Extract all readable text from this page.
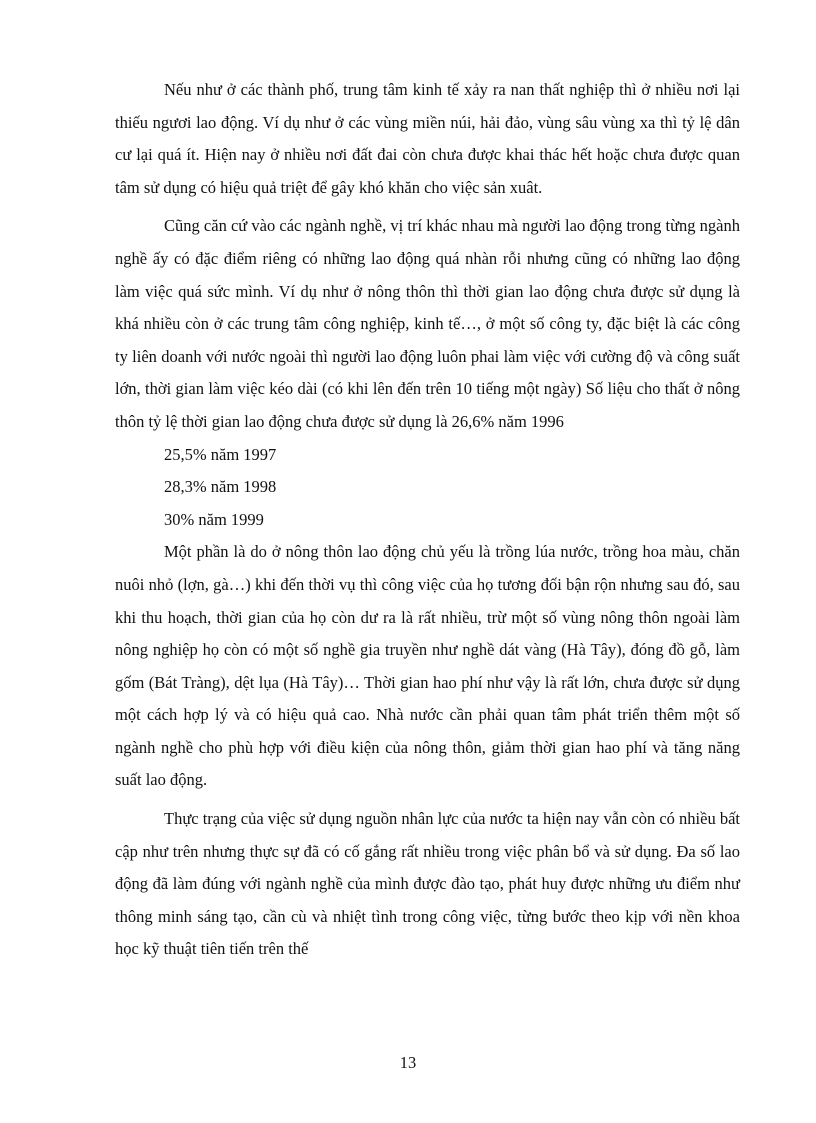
Nếu như ở các thành phố, trung tâm kinh tế xảy ra nan thất nghiệp thì ở nhiều nơi lại thiếu ngươi lao động. Ví dụ như ở các vùng miền núi, hải đảo, vùng sâu vùng xa thì tỷ lệ dân cư lại quá ít. Hiện nay ở nhiều nơi đất đai còn chưa được khai thác hết hoặc chưa được quan tâm sử dụng có hiệu quả triệt để gây khó khăn cho việc sản xuât.

Cũng căn cứ vào các ngành nghề, vị trí khác nhau mà người lao động trong từng ngành nghề ấy có đặc điểm riêng có những lao động quá nhàn rỗi nhưng cũng có những lao động làm việc quá sức mình. Ví dụ như ở nông thôn thì thời gian lao động chưa được sử dụng là khá nhiều còn ở các trung tâm công nghiệp, kinh tế…, ở một số công ty, đặc biệt là các công ty liên doanh với nước ngoài thì người lao động luôn phai làm việc với cường độ và công suất lớn, thời gian làm việc kéo dài (có khi lên đến trên 10 tiếng một ngày) Số liệu cho thất ở nông thôn tỷ lệ thời gian lao động chưa được sử dụng là 26,6% năm 1996

25,5% năm 1997

28,3% năm 1998

30% năm 1999

Một phần là do ở nông thôn lao động chủ yếu là trồng lúa nước, trồng hoa màu, chăn nuôi nhỏ (lợn, gà…) khi đến thời vụ thì công việc của họ tương đối bận rộn nhưng sau đó, sau khi thu hoạch, thời gian của họ còn dư ra là rất nhiều, trừ một số vùng nông thôn ngoài làm nông nghiệp họ còn có một số nghề gia truyền như nghề dát vàng (Hà Tây), đóng đồ gỗ, làm gốm (Bát Tràng), dệt lụa (Hà Tây)… Thời gian hao phí như vậy là rất lớn, chưa được sử dụng một cách hợp lý và có hiệu quả cao. Nhà nước cần phải quan tâm phát triển thêm một số ngành nghề cho phù hợp với điều kiện của nông thôn, giảm thời gian hao phí và tăng năng suất lao động.

Thực trạng của việc sử dụng nguồn nhân lực của nước ta hiện nay vẫn còn có nhiều bất cập như trên nhưng thực sự đã có cố gắng rất nhiều trong việc phân bổ và sử dụng. Đa số lao động đã làm đúng với ngành nghề của mình được đào tạo, phát huy được những ưu điểm như thông minh sáng tạo, cần cù và nhiệt tình trong công việc, từng bước theo kịp với nền khoa học kỹ thuật tiên tiến trên thế

13
